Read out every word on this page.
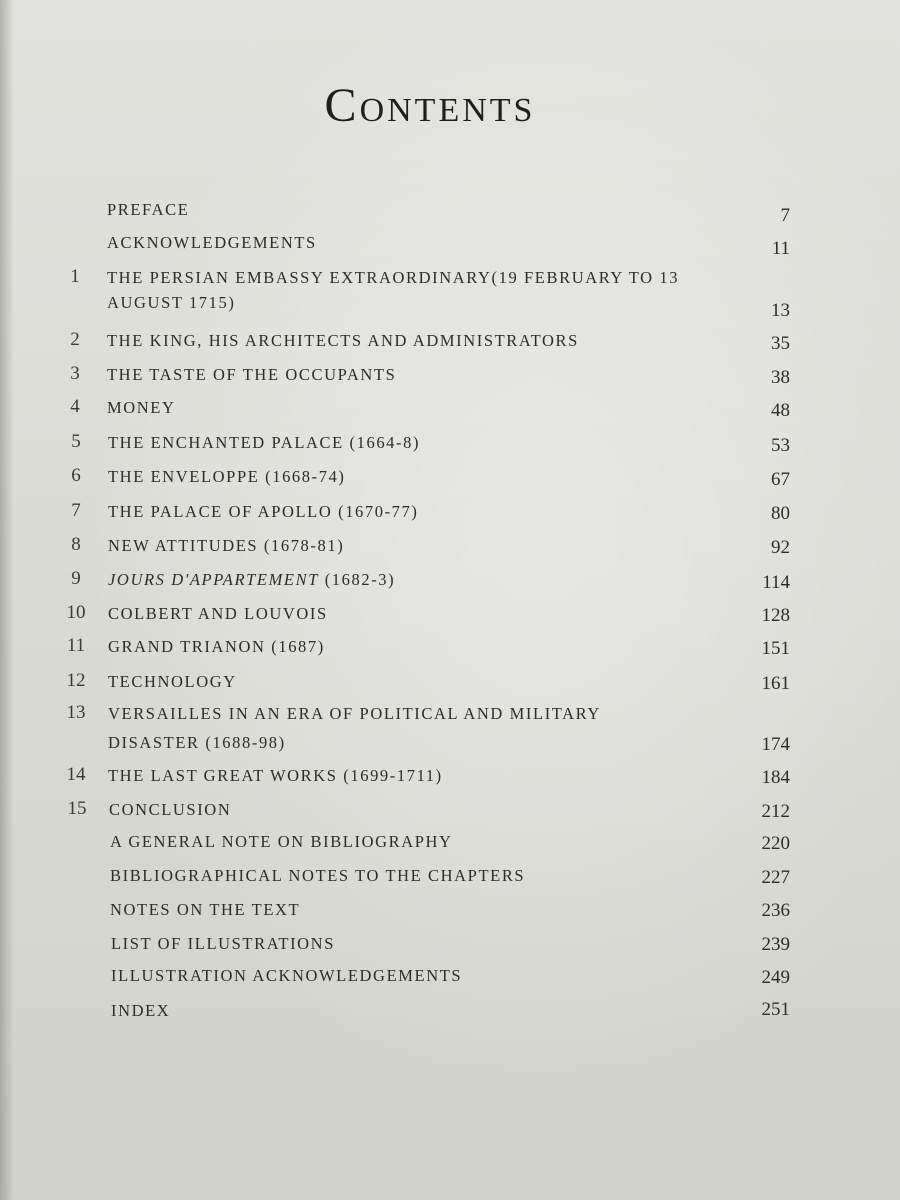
Contents
PREFACE	7
ACKNOWLEDGEMENTS	11
1	THE PERSIAN EMBASSY EXTRAORDINARY(19 FEBRUARY TO 13
AUGUST 1715)	13
2	THE KING, HIS ARCHITECTS AND ADMINISTRATORS	35
3	THE TASTE OF THE OCCUPANTS	38
4	MONEY	48
5	THE ENCHANTED PALACE (1664-8)	53
6	THE ENVELOPPE (1668-74)	67
7	THE PALACE OF APOLLO (1670-77)	80
8	NEW ATTITUDES (1678-81)	92
9	JOURS D'APPARTEMENT (1682-3)	114
10	COLBERT AND LOUVOIS	128
11	GRAND TRIANON (1687)	151
12	TECHNOLOGY	161
13	VERSAILLES IN AN ERA OF POLITICAL AND MILITARY
DISASTER (1688-98)	174
14	THE LAST GREAT WORKS (1699-1711)	184
15	CONCLUSION	212
A GENERAL NOTE ON BIBLIOGRAPHY	220
BIBLIOGRAPHICAL NOTES TO THE CHAPTERS	227
NOTES ON THE TEXT	236
LIST OF ILLUSTRATIONS	239
ILLUSTRATION ACKNOWLEDGEMENTS	249
INDEX	251
